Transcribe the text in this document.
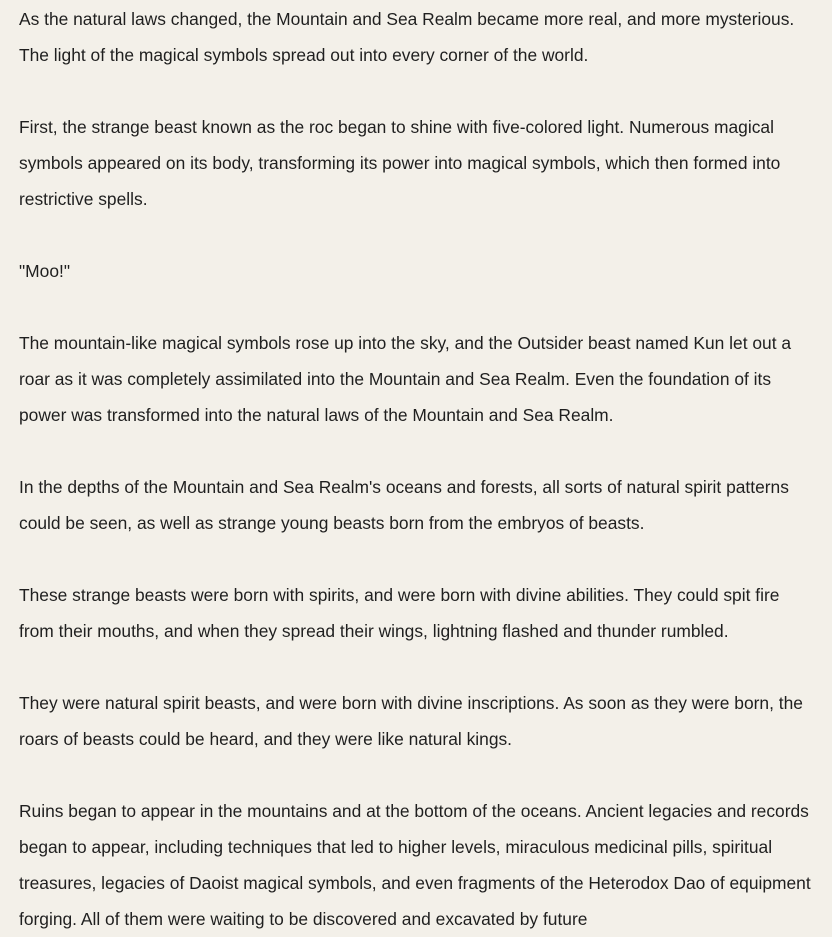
As the natural laws changed, the Mountain and Sea Realm became more real, and more mysterious. The light of the magical symbols spread out into every corner of the world.

First, the strange beast known as the roc began to shine with five-colored light. Numerous magical symbols appeared on its body, transforming its power into magical symbols, which then formed into restrictive spells.

"Moo!"

The mountain-like magical symbols rose up into the sky, and the Outsider beast named Kun let out a roar as it was completely assimilated into the Mountain and Sea Realm. Even the foundation of its power was transformed into the natural laws of the Mountain and Sea Realm.

In the depths of the Mountain and Sea Realm's oceans and forests, all sorts of natural spirit patterns could be seen, as well as strange young beasts born from the embryos of beasts.

These strange beasts were born with spirits, and were born with divine abilities. They could spit fire from their mouths, and when they spread their wings, lightning flashed and thunder rumbled.

They were natural spirit beasts, and were born with divine inscriptions. As soon as they were born, the roars of beasts could be heard, and they were like natural kings.

Ruins began to appear in the mountains and at the bottom of the oceans. Ancient legacies and records began to appear, including techniques that led to higher levels, miraculous medicinal pills, spiritual treasures, legacies of Daoist magical symbols, and even fragments of the Heterodox Dao of equipment forging. All of them were waiting to be discovered and excavated by future
